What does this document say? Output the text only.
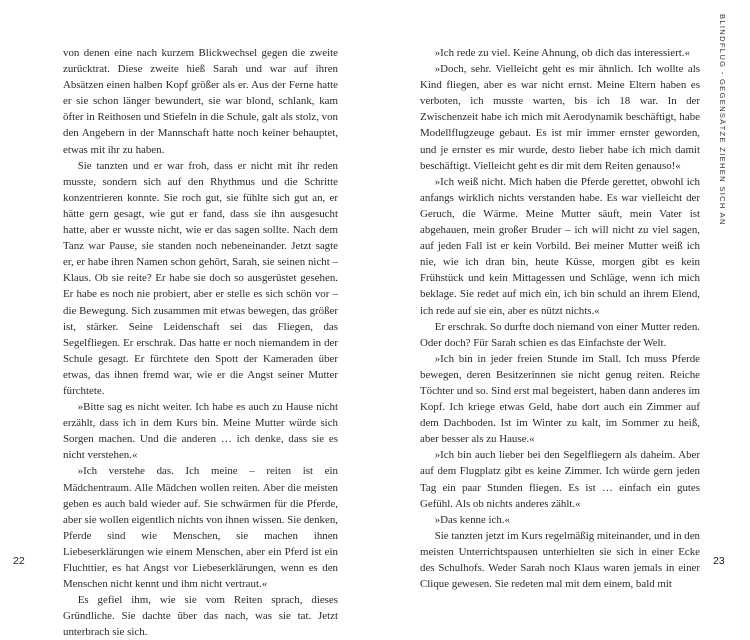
von denen eine nach kurzem Blickwechsel gegen die zweite zurücktrat. Diese zweite hieß Sarah und war auf ihren Absätzen einen halben Kopf größer als er. Aus der Ferne hatte er sie schon länger bewundert, sie war blond, schlank, kam öfter in Reithosen und Stiefeln in die Schule, galt als stolz, von den Angebern in der Mannschaft hatte noch keiner behauptet, etwas mit ihr zu haben.

Sie tanzten und er war froh, dass er nicht mit ihr reden musste, sondern sich auf den Rhythmus und die Schritte konzentrieren konnte. Sie roch gut, sie fühlte sich gut an, er hätte gern gesagt, wie gut er fand, dass sie ihn ausgesucht hatte, aber er wusste nicht, wie er das sagen sollte. Nach dem Tanz war Pause, sie standen noch nebeneinander. Jetzt sagte er, er habe ihren Namen schon gehört, Sarah, sie seinen nicht – Klaus. Ob sie reite? Er habe sie doch so ausgerüstet gesehen. Er habe es noch nie probiert, aber er stelle es sich schön vor – die Bewegung. Sich zusammen mit etwas bewegen, das größer ist, stärker. Seine Leidenschaft sei das Fliegen, das Segelfliegen. Er erschrak. Das hatte er noch niemandem in der Schule gesagt. Er fürchtete den Spott der Kameraden über etwas, das ihnen fremd war, wie er die Angst seiner Mutter fürchtete.

»Bitte sag es nicht weiter. Ich habe es auch zu Hause nicht erzählt, dass ich in dem Kurs bin. Meine Mutter würde sich Sorgen machen. Und die anderen … ich denke, dass sie es nicht verstehen.«

»Ich verstehe das. Ich meine – reiten ist ein Mädchentraum. Alle Mädchen wollen reiten. Aber die meisten geben es auch bald wieder auf. Sie schwärmen für die Pferde, aber sie wollen eigentlich nichts von ihnen wissen. Sie denken, Pferde sind wie Menschen, sie machen ihnen Liebeserklärungen wie einem Menschen, aber ein Pferd ist ein Fluchttier, es hat Angst vor Liebeserklärungen, wenn es den Menschen nicht kennt und ihm nicht vertraut.«

Es gefiel ihm, wie sie vom Reiten sprach, dieses Gründliche. Sie dachte über das nach, was sie tat. Jetzt unterbrach sie sich.

22

»Ich rede zu viel. Keine Ahnung, ob dich das interessiert.«

»Doch, sehr. Vielleicht geht es mir ähnlich. Ich wollte als Kind fliegen, aber es war nicht ernst. Meine Eltern haben es verboten, ich musste warten, bis ich 18 war. In der Zwischenzeit habe ich mich mit Aerodynamik beschäftigt, habe Modellflugzeuge gebaut. Es ist mir immer ernster geworden, und je ernster es mir wurde, desto lieber habe ich mich damit beschäftigt. Vielleicht geht es dir mit dem Reiten genauso!«

»Ich weiß nicht. Mich haben die Pferde gerettet, obwohl ich anfangs wirklich nichts verstanden habe. Es war vielleicht der Geruch, die Wärme. Meine Mutter säuft, mein Vater ist abgehauen, mein großer Bruder – ich will nicht zu viel sagen, auf jeden Fall ist er kein Vorbild. Bei meiner Mutter weiß ich nie, wie ich dran bin, heute Küsse, morgen gibt es kein Frühstück und kein Mittagessen und Schläge, wenn ich mich beklage. Sie redet auf mich ein, ich bin schuld an ihrem Elend, ich rede auf sie ein, aber es nützt nichts.«

Er erschrak. So durfte doch niemand von einer Mutter reden. Oder doch? Für Sarah schien es das Einfachste der Welt.

»Ich bin in jeder freien Stunde im Stall. Ich muss Pferde bewegen, deren Besitzerinnen sie nicht genug reiten. Reiche Töchter und so. Sind erst mal begeistert, haben dann anderes im Kopf. Ich kriege etwas Geld, habe dort auch ein Zimmer auf dem Dachboden. Ist im Winter zu kalt, im Sommer zu heiß, aber besser als zu Hause.«

»Ich bin auch lieber bei den Segelfliegern als daheim. Aber auf dem Flugplatz gibt es keine Zimmer. Ich würde gern jeden Tag ein paar Stunden fliegen. Es ist … einfach ein gutes Gefühl. Als ob nichts anderes zählt.«

»Das kenne ich.«

Sie tanzten jetzt im Kurs regelmäßig miteinander, und in den meisten Unterrichtspausen unterhielten sie sich in einer Ecke des Schulhofs. Weder Sarah noch Klaus waren jemals in einer Clique gewesen. Sie redeten mal mit dem einem, bald mit

BLINDFLUG - GEGENSÄTZE ZIEHEN SICH AN
23
